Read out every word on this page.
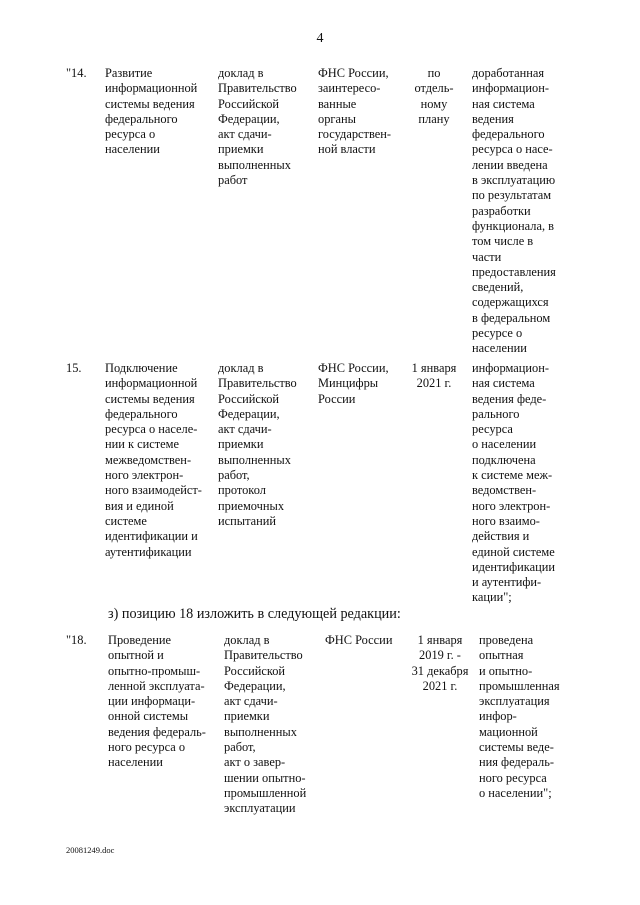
4
"14. Развитие
информационной
системы ведения
федерального
ресурса о
населении
доклад в
Правительство
Российской
Федерации,
акт сдачи-
приемки
выполненных
работ
ФНС России,
заинтересо-
ванные
органы
государствен-
ной власти
по
отдель-
ному
плану
доработанная
информацион-
ная система
ведения
федерального
ресурса о насе-
лении введена
в эксплуатацию
по результатам
разработки
функционала, в
том числе в
части
предоставления
сведений,
содержащихся
в федеральном
ресурсе о
населении
15. Подключение
информационной
системы ведения
федерального
ресурса о населе-
нии к системе
межведомствен-
ного электрон-
ного взаимодейст-
вия и единой
системе
идентификации и
аутентификации
доклад в
Правительство
Российской
Федерации,
акт сдачи-
приемки
выполненных
работ,
протокол
приемочных
испытаний
ФНС России,
Минцифры
России
1 января
2021 г.
информацион-
ная система
ведения феде-
рального
ресурса
о населении
подключена
к системе меж-
ведомствен-
ного электрон-
ного взаимо-
действия и
единой системе
идентификации
и аутентифи-
кации";
з) позицию 18 изложить в следующей редакции:
"18. Проведение
опытной и
опытно-промыш-
ленной эксплуата-
ции информаци-
онной системы
ведения федераль-
ного ресурса о
населении
доклад в
Правительство
Российской
Федерации,
акт сдачи-
приемки
выполненных
работ,
акт о завер-
шении опытно-
промышленной
эксплуатации
ФНС России	1 января
2019 г. -
31 декабря
2021 г.
проведена
опытная
и опытно-
промышленная
эксплуатация
инфор-
мационной
системы веде-
ния федераль-
ного ресурса
о населении";
20081249.doc
